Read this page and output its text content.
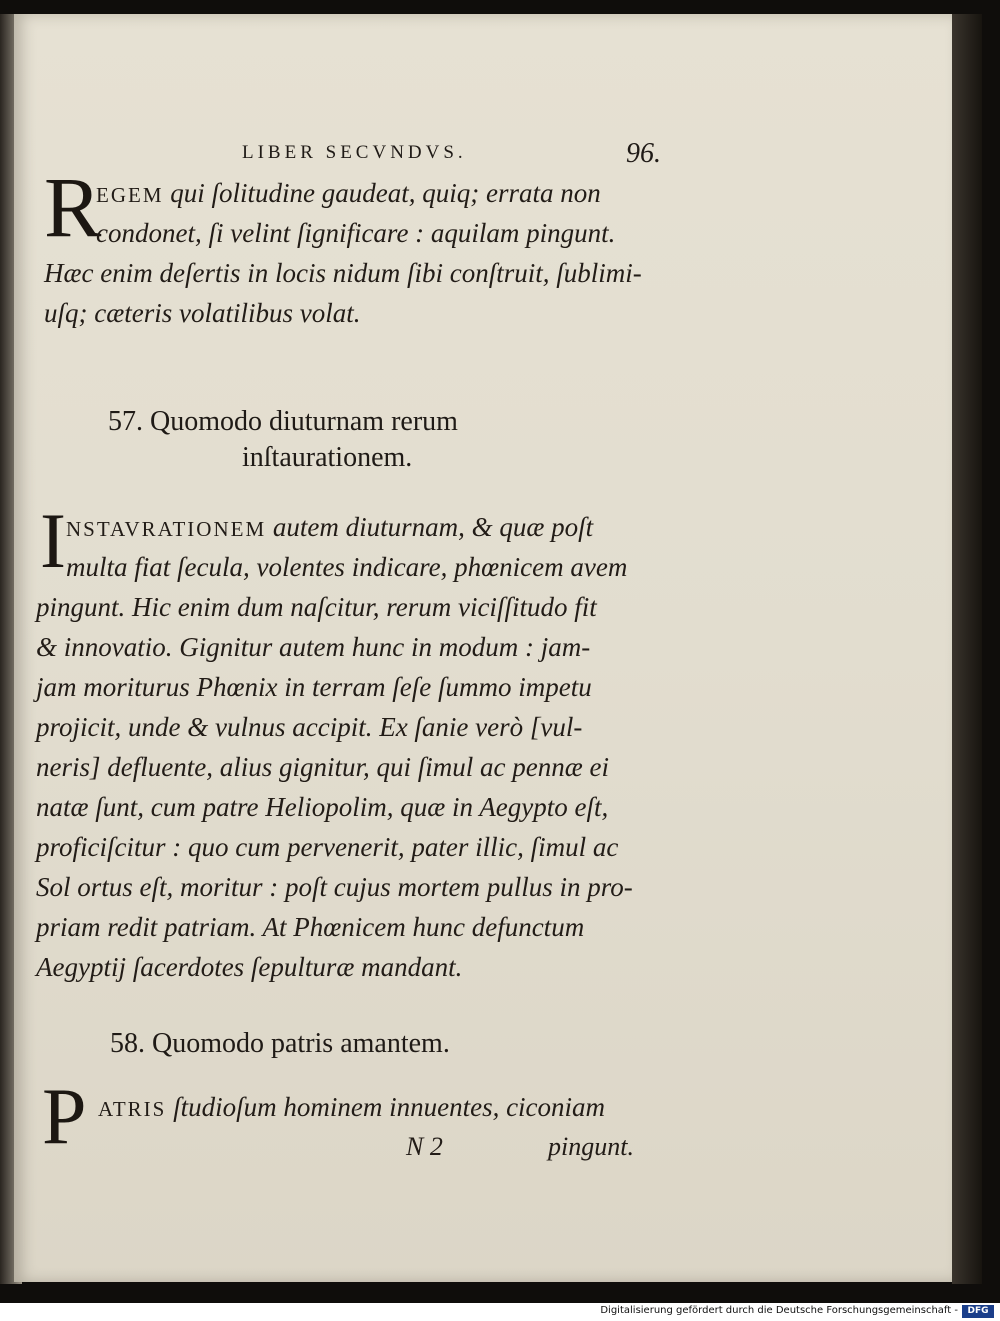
LIBER SECVNDVS.	96.
R
EGEM qui ſolitudine gaudeat, quiq; errata non
condonet, ſi velint ſignificare : aquilam pingunt.
Hæc enim deſertis in locis nidum ſibi conſtruit, ſublimi-
uſq; cæteris volatilibus volat.
57. Quomodo diuturnam rerum
inſtaurationem.
I NSTAVRATIONEM autem diuturnam, & quæ poſt
multa fiat ſecula, volentes indicare, phœnicem avem
pingunt. Hic enim dum naſcitur, rerum viciſſitudo fit
& innovatio. Gignitur autem hunc in modum : jam-
jam moriturus Phœnix in terram ſeſe ſummo impetu
projicit, unde & vulnus accipit. Ex ſanie verò [vul-
neris] defluente, alius gignitur, qui ſimul ac pennæ ei
natæ ſunt, cum patre Heliopolim, quæ in Aegypto eſt,
proficiſcitur : quo cum pervenerit, pater illic, ſimul ac
Sol ortus eſt, moritur : poſt cujus mortem pullus in pro-
priam redit patriam. At Phœnicem hunc defunctum
Aegyptij ſacerdotes ſepulturæ mandant.
58. Quomodo patris amantem.
P ATRIS ſtudioſum hominem innuentes, ciconiam
N 2	pingunt.
Digitalisierung gefördert durch die Deutsche Forschungsgemeinschaft -	DFG
